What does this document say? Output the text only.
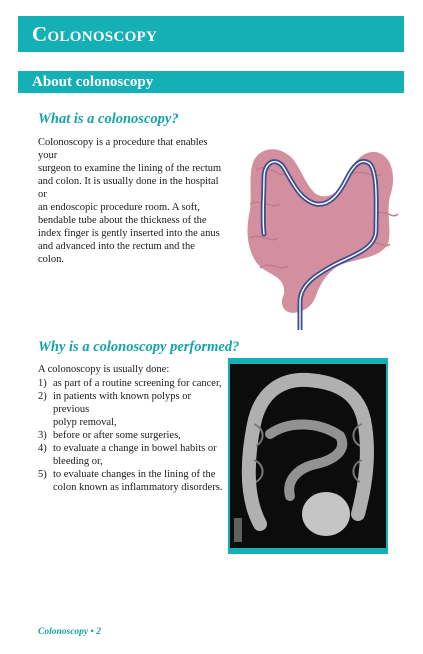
Colonoscopy
About colonoscopy
What is a colonoscopy?
Colonoscopy is a procedure that enables your
surgeon to examine the lining of the rectum
and colon. It is usually done in the hospital or
an endoscopic procedure room. A soft,
bendable tube about the thickness of the
index finger is gently inserted into the anus
and advanced into the rectum and the colon.
Why is a colonoscopy performed?

A colonoscopy is usually done:

1) as part of a routine screening for cancer,
2) in patients with known polyps or previous
polyp removal,
3) before or after some surgeries,
4) to evaluate a change in bowel habits or
bleeding or,
5) to evaluate changes in the lining of the
colon known as inflammatory disorders.

Colonoscopy • 2
